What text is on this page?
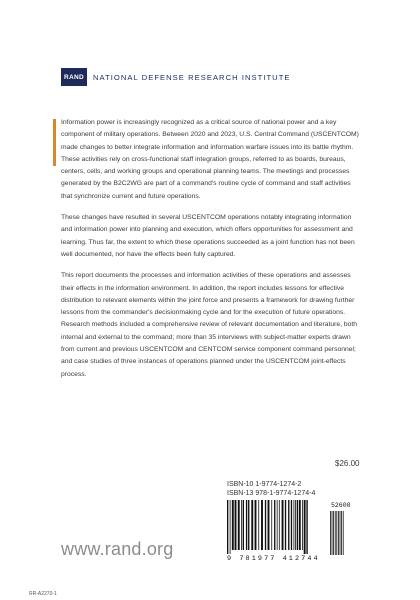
RAND	NATIONAL DEFENSE RESEARCH INSTITUTE

Information power is increasingly recognized as a critical source of national power and a key component of military operations. Between 2020 and 2023, U.S. Central Command (USCENTCOM) made changes to better integrate information and information warfare issues into its battle rhythm. These activities rely on cross-functional staff integration groups, referred to as boards, bureaus, centers, cells, and working groups and operational planning teams. The meetings and processes generated by the B2C2WG are part of a command's routine cycle of command and staff activities that synchronize current and future operations.

These changes have resulted in several USCENTCOM operations notably integrating information and information power into planning and execution, which offers opportunities for assessment and learning. Thus far, the extent to which these operations succeeded as a joint function has not been well documented, nor have the effects been fully captured.

This report documents the processes and information activities of these operations and assesses their effects in the information environment. In addition, the report includes lessons for effective distribution to relevant elements within the joint force and presents a framework for drawing further lessons from the commander's decisionmaking cycle and for the execution of future operations. Research methods included a comprehensive review of relevant documentation and literature, both internal and external to the command; more than 35 interviews with subject-matter experts drawn from current and previous USCENTCOM and CENTCOM service component command personnel; and case studies of three instances of operations planned under the USCENTCOM joint-effects process.

$26.00
ISBN-10 1-9774-1274-2
ISBN-13 978-1-9774-1274-4
9 781977 412744
52600
www.rand.org
RR-A2270-1
